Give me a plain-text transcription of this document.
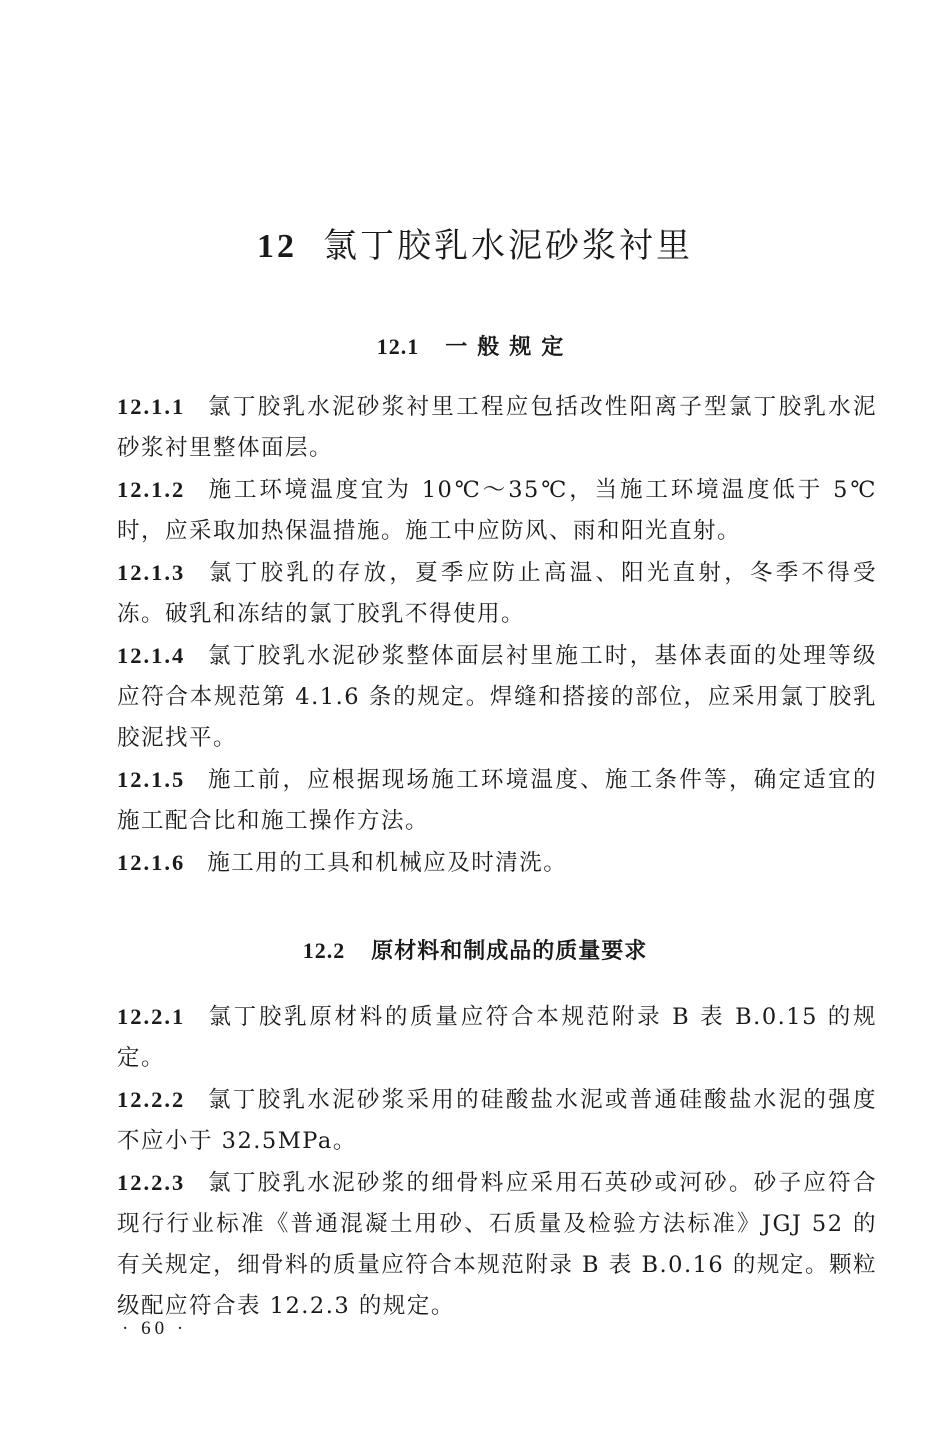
12 氯丁胶乳水泥砂浆衬里
12.1 一般规定

12.1.1 氯丁胶乳水泥砂浆衬里工程应包括改性阳离子型氯丁胶乳水泥砂浆衬里整体面层。

12.1.2 施工环境温度宜为 10℃～35℃，当施工环境温度低于 5℃时，应采取加热保温措施。施工中应防风、雨和阳光直射。

12.1.3 氯丁胶乳的存放，夏季应防止高温、阳光直射，冬季不得受冻。破乳和冻结的氯丁胶乳不得使用。

12.1.4 氯丁胶乳水泥砂浆整体面层衬里施工时，基体表面的处理等级应符合本规范第 4.1.6 条的规定。焊缝和搭接的部位，应采用氯丁胶乳胶泥找平。

12.1.5 施工前，应根据现场施工环境温度、施工条件等，确定适宜的施工配合比和施工操作方法。

12.1.6 施工用的工具和机械应及时清洗。

12.2 原材料和制成品的质量要求

12.2.1 氯丁胶乳原材料的质量应符合本规范附录 B 表 B.0.15 的规定。

12.2.2 氯丁胶乳水泥砂浆采用的硅酸盐水泥或普通硅酸盐水泥的强度不应小于 32.5MPa。

12.2.3 氯丁胶乳水泥砂浆的细骨料应采用石英砂或河砂。砂子应符合现行行业标准《普通混凝土用砂、石质量及检验方法标准》JGJ 52 的有关规定，细骨料的质量应符合本规范附录 B 表 B.0.16 的规定。颗粒级配应符合表 12.2.3 的规定。

· 60 ·
